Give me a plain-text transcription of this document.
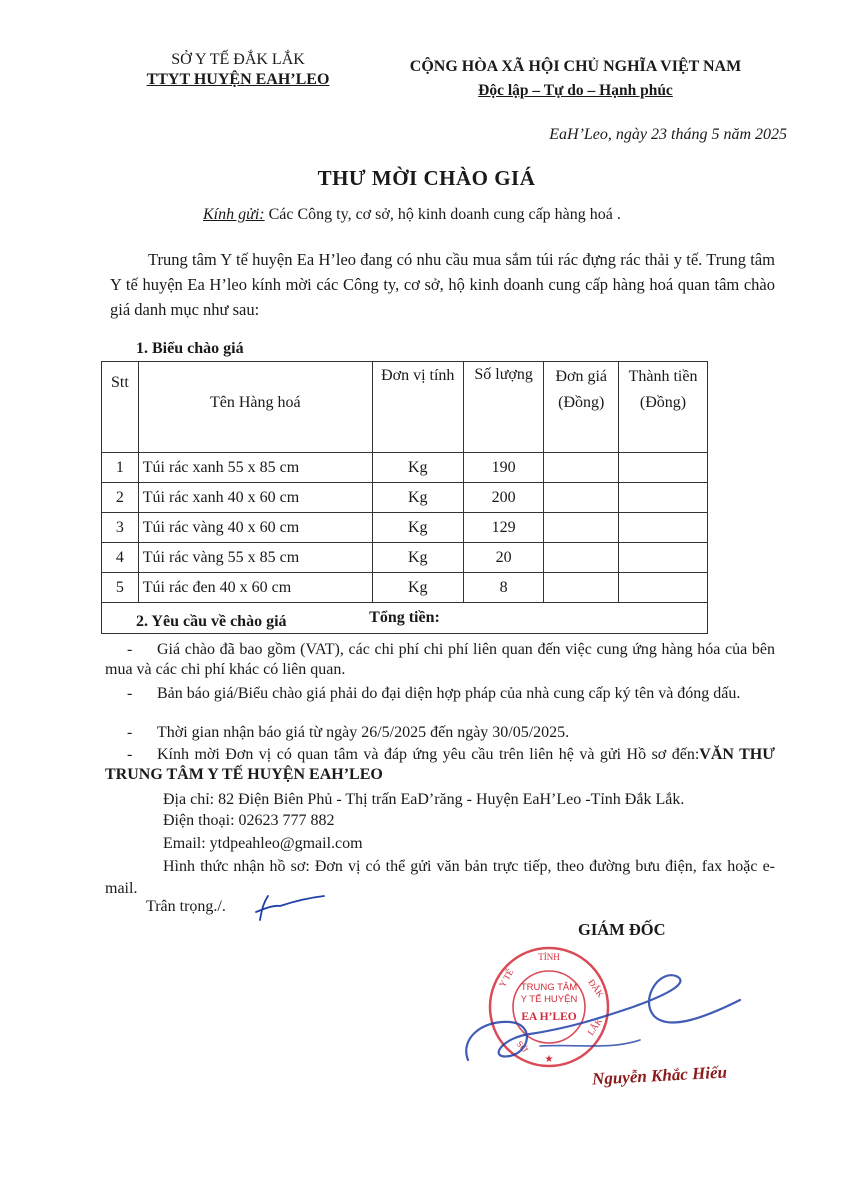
SỞ Y TẾ ĐẮK LẮK
TTYT HUYỆN EAH’LEO
CỘNG HÒA XÃ HỘI CHỦ NGHĨA VIỆT NAM
Độc lập – Tự do – Hạnh phúc
EaH’Leo, ngày 23 tháng 5 năm 2025
THƯ MỜI CHÀO GIÁ
Kính gửi: Các Công ty, cơ sở, hộ kinh doanh cung cấp hàng hoá .
Trung tâm Y tế huyện Ea H’leo đang có nhu cầu mua sắm túi rác đựng rác thải y tế. Trung tâm Y tế huyện Ea H’leo kính mời các Công ty, cơ sở, hộ kinh doanh cung cấp hàng hoá quan tâm chào giá danh mục như sau:
1. Biểu chào giá
Stt	Tên Hàng hoá	Đơn vị tính	Số lượng	Đơn giá (Đồng)	Thành tiền (Đồng)
1	Túi rác xanh 55 x 85 cm	Kg	190		
2	Túi rác xanh 40 x 60 cm	Kg	200		
3	Túi rác vàng 40 x 60 cm	Kg	129		
4	Túi rác vàng 55 x 85 cm	Kg	20		
5	Túi rác đen 40 x 60 cm	Kg	8		
Tổng tiền:					
2. Yêu cầu về chào giá
- Giá chào đã bao gồm (VAT), các chi phí chi phí liên quan đến việc cung ứng hàng hóa của bên mua và các chi phí khác có liên quan.
- Bản báo giá/Biểu chào giá phải do đại diện hợp pháp của nhà cung cấp ký tên và đóng dấu.
- Thời gian nhận báo giá từ ngày 26/5/2025 đến ngày 30/05/2025.
- Kính mời Đơn vị có quan tâm và đáp ứng yêu cầu trên liên hệ và gửi Hồ sơ đến:VĂN THƯ TRUNG TÂM Y TẾ HUYỆN EAH’LEO
Địa chỉ: 82 Điện Biên Phủ - Thị trấn EaD’răng - Huyện EaH’Leo -Tỉnh Đắk Lắk.
Điện thoại: 02623 777 882
Email: ytdpeahleo@gmail.com
Hình thức nhận hồ sơ: Đơn vị có thể gửi văn bản trực tiếp, theo đường bưu điện, fax hoặc e-mail.
Trân trọng./.
GIÁM ĐỐC
TỈNH
Y TẾ	ĐẮK
LẮK
SỞ
TRUNG TÂM
Y TẾ HUYỆN
EA H’LEO
★
Nguyễn Khắc Hiếu
